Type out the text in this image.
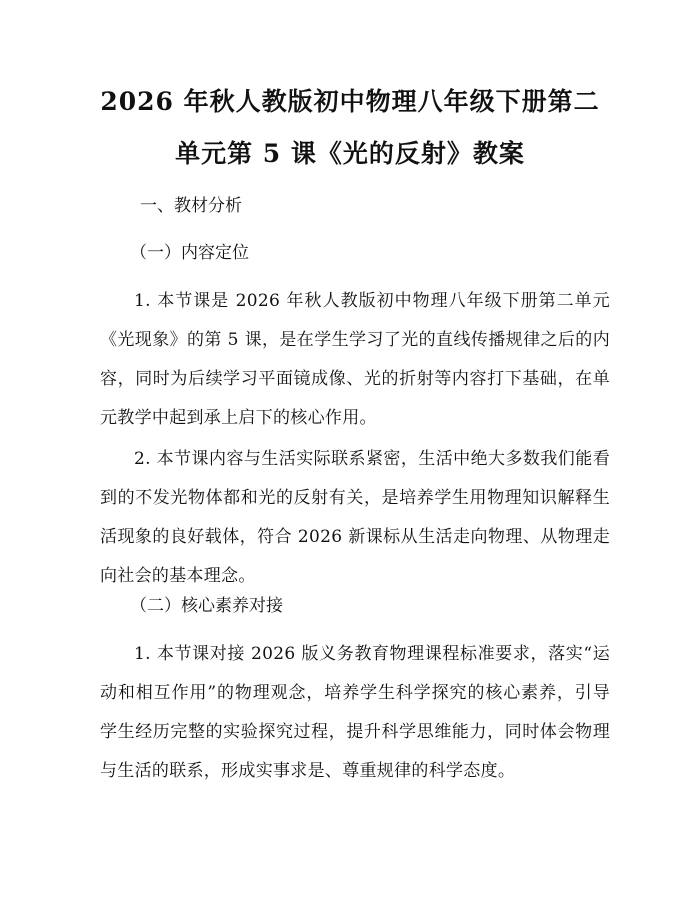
2026 年秋人教版初中物理八年级下册第二单元第 5 课《光的反射》教案
一、教材分析
（一）内容定位

1. 本节课是 2026 年秋人教版初中物理八年级下册第二单元《光现象》的第 5 课，是在学生学习了光的直线传播规律之后的内容，同时为后续学习平面镜成像、光的折射等内容打下基础，在单元教学中起到承上启下的核心作用。

2. 本节课内容与生活实际联系紧密，生活中绝大多数我们能看到的不发光物体都和光的反射有关，是培养学生用物理知识解释生活现象的良好载体，符合 2026 新课标从生活走向物理、从物理走向社会的基本理念。

（二）核心素养对接

1. 本节课对接 2026 版义务教育物理课程标准要求，落实“运动和相互作用”的物理观念，培养学生科学探究的核心素养，引导学生经历完整的实验探究过程，提升科学思维能力，同时体会物理与生活的联系，形成实事求是、尊重规律的科学态度。
